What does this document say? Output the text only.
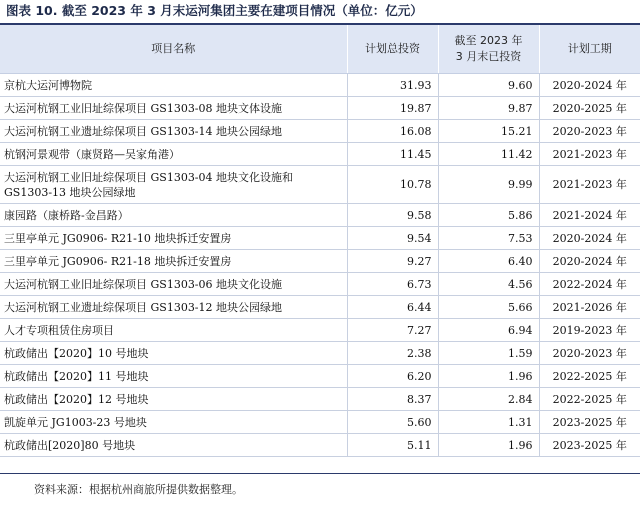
图表 10. 截至 2023 年 3 月末运河集团主要在建项目情况（单位：亿元）
项目名称	计划总投资	截至 2023 年 3 月末已投资	计划工期
京杭大运河博物院	31.93	9.60	2020-2024 年
大运河杭钢工业旧址综保项目 GS1303-08 地块文体设施	19.87	9.87	2020-2025 年
大运河杭钢工业遗址综保项目 GS1303-14 地块公园绿地	16.08	15.21	2020-2023 年
杭钢河景观带（康贤路—吴家角港）	11.45	11.42	2021-2023 年
大运河杭钢工业旧址综保项目 GS1303-04 地块文化设施和 GS1303-13 地块公园绿地	10.78	9.99	2021-2023 年
康园路（康桥路-金昌路）	9.58	5.86	2021-2024 年
三里亭单元 JG0906- R21-10 地块拆迁安置房	9.54	7.53	2020-2024 年
三里亭单元 JG0906- R21-18 地块拆迁安置房	9.27	6.40	2020-2024 年
大运河杭钢工业旧址综保项目 GS1303-06 地块文化设施	6.73	4.56	2022-2024 年
大运河杭钢工业遗址综保项目 GS1303-12 地块公园绿地	6.44	5.66	2021-2026 年
人才专项租赁住房项目	7.27	6.94	2019-2023 年
杭政储出【2020】10 号地块	2.38	1.59	2020-2023 年
杭政储出【2020】11 号地块	6.20	1.96	2022-2025 年
杭政储出【2020】12 号地块	8.37	2.84	2022-2025 年
凯旋单元 JG1003-23 号地块	5.60	1.31	2023-2025 年
杭政储出[2020]80 号地块	5.11	1.96	2023-2025 年
资料来源：根据杭州商旅所提供数据整理。
